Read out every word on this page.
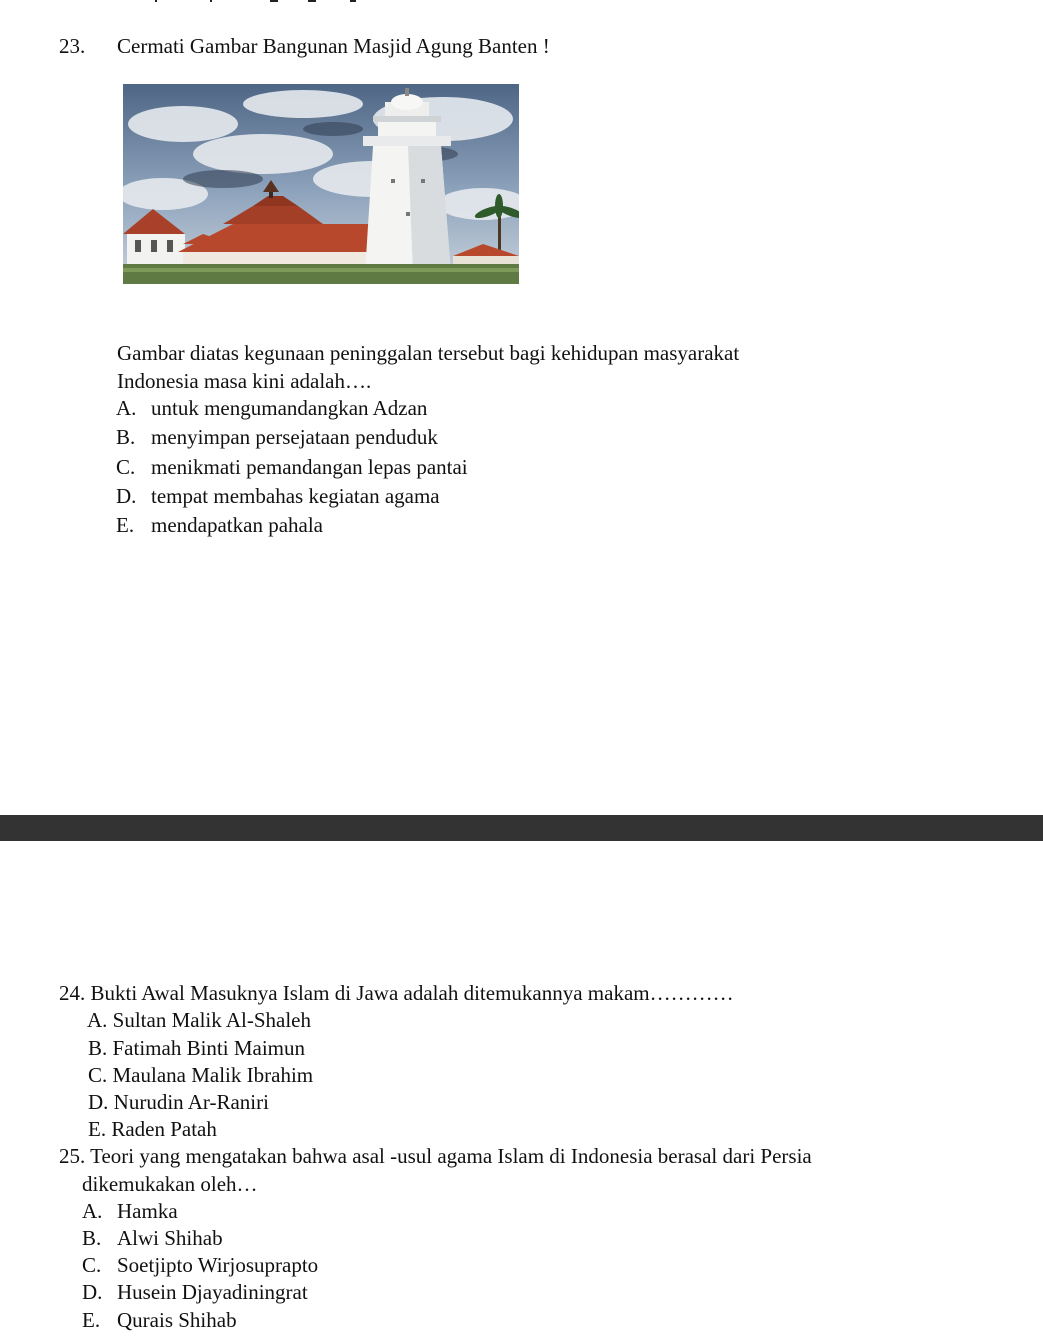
23. Cermati Gambar Bangunan Masjid Agung Banten !
Gambar diatas kegunaan peninggalan tersebut bagi kehidupan masyarakat
Indonesia masa kini adalah….
A. untuk mengumandangkan Adzan
B. menyimpan persejataan penduduk
C. menikmati pemandangan lepas pantai
D. tempat membahas kegiatan agama
E. mendapatkan pahala
24. Bukti Awal Masuknya Islam di Jawa adalah ditemukannya makam…………
A. Sultan Malik Al-Shaleh
B. Fatimah Binti Maimun
C. Maulana Malik Ibrahim
D. Nurudin Ar-Raniri
E. Raden Patah
25. Teori yang mengatakan bahwa asal -usul agama Islam di Indonesia berasal dari Persia
dikemukakan oleh…
A. Hamka
B. Alwi Shihab
C. Soetjipto Wirjosuprapto
D. Husein Djayadiningrat
E. Qurais Shihab
